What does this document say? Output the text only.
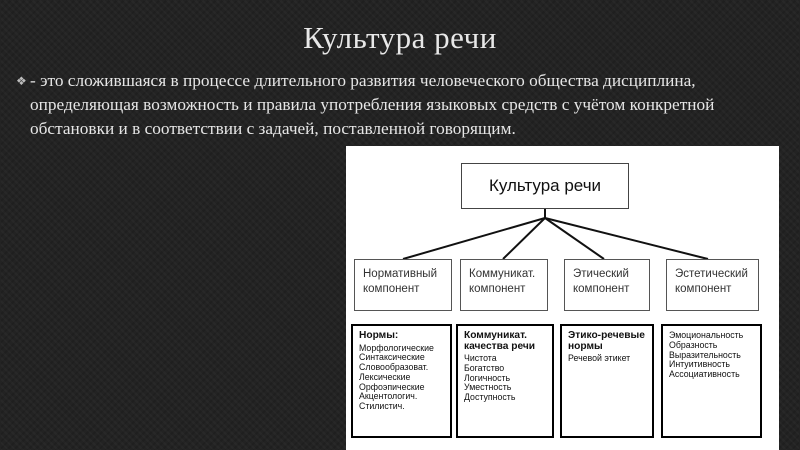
Культура речи
❖ - это сложившаяся в процессе длительного развития человеческого общества дисциплина, определяющая возможность и правила употребления языковых средств с учётом конкретной обстановки и в соответствии с задачей, поставленной говорящим.
Культура речи
Нормативный
компонент
Коммуникат.
компонент
Этический
компонент
Эстетический
компонент
Нормы:
Морфологические
Синтаксические
Словообразоват.
Лексические
Орфоэпические
Акцентологич.
Стилистич.
Коммуникат. качества речи
Чистота
Богатство
Логичность
Уместность
Доступность
Этико-речевые нормы
Речевой этикет
Эмоциональность
Образность
Выразительность
Интуитивность
Ассоциативность
